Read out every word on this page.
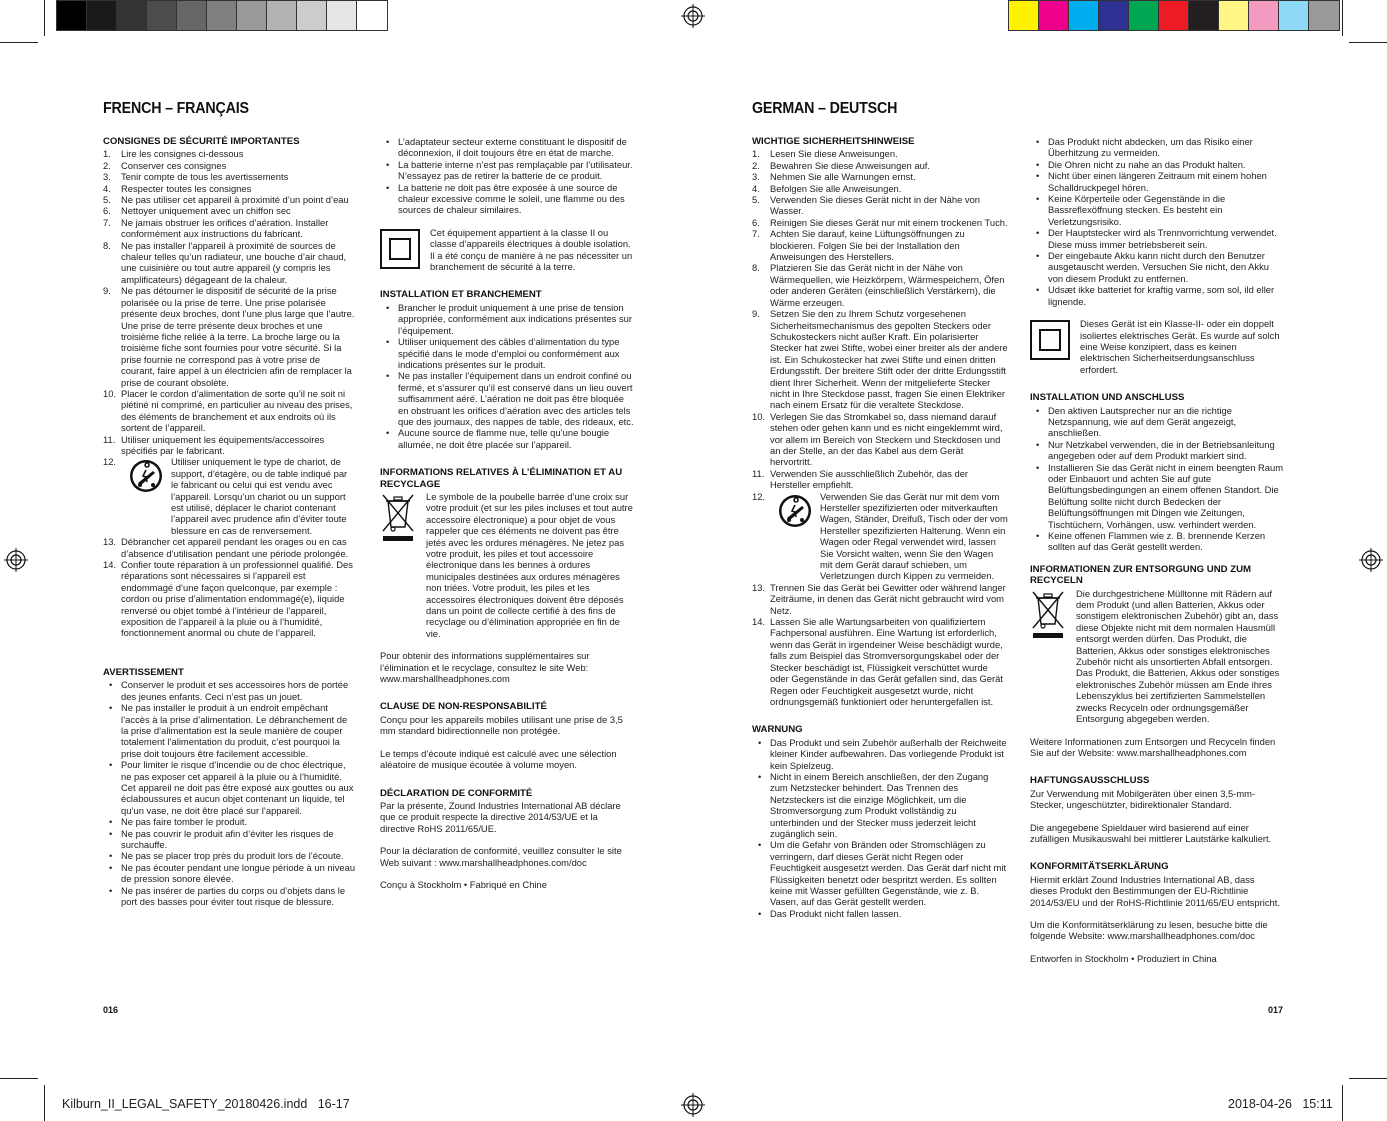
FRENCH – FRANÇAIS
CONSIGNES DE SÉCURITÉ IMPORTANTES
1. Lire les consignes ci-dessous
2. Conserver ces consignes
3. Tenir compte de tous les avertissements
4. Respecter toutes les consignes
5. Ne pas utiliser cet appareil à proximité d’un point d’eau
6. Nettoyer uniquement avec un chiffon sec
7. Ne jamais obstruer les orifices d’aération. Installer conformément aux instructions du fabricant.
8. Ne pas installer l’appareil à proximité de sources de chaleur telles qu’un radiateur, une bouche d’air chaud, une cuisinière ou tout autre appareil (y compris les amplificateurs) dégageant de la chaleur.
9. Ne pas détourner le dispositif de sécurité de la prise polarisée ou la prise de terre. Une prise polarisée présente deux broches, dont l’une plus large que l’autre. Une prise de terre présente deux broches et une troisième fiche reliée à la terre. La broche large ou la troisième fiche sont fournies pour votre sécurité. Si la prise fournie ne correspond pas à votre prise de courant, faire appel à un électricien afin de remplacer la prise de courant obsolète.
10. Placer le cordon d’alimentation de sorte qu’il ne soit ni piétiné ni comprimé, en particulier au niveau des prises, des éléments de branchement et aux endroits où ils sortent de l’appareil.
11. Utiliser uniquement les équipements/accessoires spécifiés par le fabricant.
12.	Utiliser uniquement le type de chariot, de support, d’étagère, ou de table indiqué par le fabricant ou celui qui est vendu avec l’appareil. Lorsqu’un chariot ou un support est utilisé, déplacer le chariot contenant l’appareil avec prudence afin d’éviter toute blessure en cas de renversement.
13. Débrancher cet appareil pendant les orages ou en cas d’absence d’utilisation pendant une période prolongée.
14. Confier toute réparation à un professionnel qualifié. Des réparations sont nécessaires si l’appareil est endommagé d’une façon quelconque, par exemple : cordon ou prise d’alimentation endommagé(e), liquide renversé ou objet tombé à l’intérieur de l’appareil, exposition de l’appareil à la pluie ou à l’humidité, fonctionnement anormal ou chute de l’appareil.
AVERTISSEMENT
• Conserver le produit et ses accessoires hors de portée des jeunes enfants. Ceci n’est pas un jouet.
• Ne pas installer le produit à un endroit empêchant l’accès à la prise d’alimentation. Le débranchement de la prise d’alimentation est la seule manière de couper totalement l’alimentation du produit, c’est pourquoi la prise doit toujours être facilement accessible.
• Pour limiter le risque d’incendie ou de choc électrique, ne pas exposer cet appareil à la pluie ou à l’humidité. Cet appareil ne doit pas être exposé aux gouttes ou aux éclaboussures et aucun objet contenant un liquide, tel qu’un vase, ne doit être placé sur l’appareil.
• Ne pas faire tomber le produit.
• Ne pas couvrir le produit afin d’éviter les risques de surchauffe.
• Ne pas se placer trop près du produit lors de l’écoute.
• Ne pas écouter pendant une longue période à un niveau de pression sonore élevée.
• Ne pas insérer de parties du corps ou d’objets dans le port des basses pour éviter tout risque de blessure.
• L’adaptateur secteur externe constituant le dispositif de déconnexion, il doit toujours être en état de marche.
• La batterie interne n’est pas remplaçable par l’utilisateur. N’essayez pas de retirer la batterie de ce produit.
• La batterie ne doit pas être exposée à une source de chaleur excessive comme le soleil, une flamme ou des sources de chaleur similaires.
Cet équipement appartient à la classe II ou classe d’appareils électriques à double isolation. Il a été conçu de manière à ne pas nécessiter un branchement de sécurité à la terre.
INSTALLATION ET BRANCHEMENT
• Brancher le produit uniquement à une prise de tension appropriée, conformément aux indications présentes sur l’équipement.
• Utiliser uniquement des câbles d’alimentation du type spécifié dans le mode d’emploi ou conformément aux indications présentes sur le produit.
• Ne pas installer l’équipement dans un endroit confiné ou fermé, et s’assurer qu’il est conservé dans un lieu ouvert suffisamment aéré. L’aération ne doit pas être bloquée en obstruant les orifices d’aération avec des articles tels que des journaux, des nappes de table, des rideaux, etc.
• Aucune source de flamme nue, telle qu’une bougie allumée, ne doit être placée sur l’appareil.
INFORMATIONS RELATIVES À L’ÉLIMINATION ET AU RECYCLAGE
Le symbole de la poubelle barrée d’une croix sur votre produit (et sur les piles incluses et tout autre accessoire électronique) a pour objet de vous rappeler que ces éléments ne doivent pas être jetés avec les ordures ménagères. Ne jetez pas votre produit, les piles et tout accessoire électronique dans les bennes à ordures municipales destinées aux ordures ménagères non triées. Votre produit, les piles et les accessoires électroniques doivent être déposés dans un point de collecte certifié à des fins de recyclage ou d’élimination appropriée en fin de vie.

Pour obtenir des informations supplémentaires sur l’élimination et le recyclage, consultez le site Web: www.marshallheadphones.com

CLAUSE DE NON-RESPONSABILITÉ

Conçu pour les appareils mobiles utilisant une prise de 3,5 mm standard bidirectionnelle non protégée.

Le temps d’écoute indiqué est calculé avec une sélection aléatoire de musique écoutée à volume moyen.

DÉCLARATION DE CONFORMITÉ

Par la présente, Zound Industries International AB déclare que ce produit respecte la directive 2014/53/UE et la directive RoHS 2011/65/UE.

Pour la déclaration de conformité, veuillez consulter le site Web suivant : www.marshallheadphones.com/doc

Conçu à Stockholm • Fabriqué en Chine

016
GERMAN – DEUTSCH
WICHTIGE SICHERHEITSHINWEISE
1. Lesen Sie diese Anweisungen.
2. Bewahren Sie diese Anweisungen auf.
3. Nehmen Sie alle Warnungen ernst.
4. Befolgen Sie alle Anweisungen.
5. Verwenden Sie dieses Gerät nicht in der Nähe von Wasser.
6. Reinigen Sie dieses Gerät nur mit einem trockenen Tuch.
7. Achten Sie darauf, keine Lüftungsöffnungen zu blockieren. Folgen Sie bei der Installation den Anweisungen des Herstellers.
8. Platzieren Sie das Gerät nicht in der Nähe von Wärmequellen, wie Heizkörpern, Wärmespeichern, Öfen oder anderen Geräten (einschließlich Verstärkern), die Wärme erzeugen.
9. Setzen Sie den zu Ihrem Schutz vorgesehenen Sicherheitsmechanismus des gepolten Steckers oder Schukosteckers nicht außer Kraft. Ein polarisierter Stecker hat zwei Stifte, wobei einer breiter als der andere ist. Ein Schukostecker hat zwei Stifte und einen dritten Erdungsstift. Der breitere Stift oder der dritte Erdungsstift dient Ihrer Sicherheit. Wenn der mitgelieferte Stecker nicht in Ihre Steckdose passt, fragen Sie einen Elektriker nach einem Ersatz für die veraltete Steckdose.
10. Verlegen Sie das Stromkabel so, dass niemand darauf stehen oder gehen kann und es nicht eingeklemmt wird, vor allem im Bereich von Steckern und Steckdosen und an der Stelle, an der das Kabel aus dem Gerät hervortritt.
11. Verwenden Sie ausschließlich Zubehör, das der Hersteller empfiehlt.
12.	Verwenden Sie das Gerät nur mit dem vom Hersteller spezifizierten oder mitverkauften Wagen, Ständer, Dreifuß, Tisch oder der vom Hersteller spezifizierten Halterung. Wenn ein Wagen oder Regal verwendet wird, lassen Sie Vorsicht walten, wenn Sie den Wagen mit dem Gerät darauf schieben, um Verletzungen durch Kippen zu vermeiden.
13. Trennen Sie das Gerät bei Gewitter oder während langer Zeiträume, in denen das Gerät nicht gebraucht wird vom Netz.
14. Lassen Sie alle Wartungsarbeiten von qualifiziertem Fachpersonal ausführen. Eine Wartung ist erforderlich, wenn das Gerät in irgendeiner Weise beschädigt wurde, falls zum Beispiel das Stromversorgungskabel oder der Stecker beschädigt ist, Flüssigkeit verschüttet wurde oder Gegenstände in das Gerät gefallen sind, das Gerät Regen oder Feuchtigkeit ausgesetzt wurde, nicht ordnungsgemäß funktioniert oder heruntergefallen ist.
WARNUNG
• Das Produkt und sein Zubehör außerhalb der Reichweite kleiner Kinder aufbewahren. Das vorliegende Produkt ist kein Spielzeug.
• Nicht in einem Bereich anschließen, der den Zugang zum Netzstecker behindert. Das Trennen des Netzsteckers ist die einzige Möglichkeit, um die Stromversorgung zum Produkt vollständig zu unterbinden und der Stecker muss jederzeit leicht zugänglich sein.
• Um die Gefahr von Bränden oder Stromschlägen zu verringern, darf dieses Gerät nicht Regen oder Feuchtigkeit ausgesetzt werden. Das Gerät darf nicht mit Flüssigkeiten benetzt oder bespritzt werden. Es sollten keine mit Wasser gefüllten Gegenstände, wie z. B. Vasen, auf das Gerät gestellt werden.
• Das Produkt nicht fallen lassen.
• Das Produkt nicht abdecken, um das Risiko einer Überhitzung zu vermeiden.
• Die Ohren nicht zu nahe an das Produkt halten.
• Nicht über einen längeren Zeitraum mit einem hohen Schalldruckpegel hören.
• Keine Körperteile oder Gegenstände in die Bassreflexöffnung stecken. Es besteht ein Verletzungsrisiko.
• Der Hauptstecker wird als Trennvorrichtung verwendet. Diese muss immer betriebsbereit sein.
• Der eingebaute Akku kann nicht durch den Benutzer ausgetauscht werden. Versuchen Sie nicht, den Akku von diesem Produkt zu entfernen.
• Udsæt ikke batteriet for kraftig varme, som sol, ild eller lignende.
Dieses Gerät ist ein Klasse-II- oder ein doppelt isoliertes elektrisches Gerät. Es wurde auf solch eine Weise konzipiert, dass es keinen elektrischen Sicherheitserdungsanschluss erfordert.
INSTALLATION UND ANSCHLUSS
• Den aktiven Lautsprecher nur an die richtige Netzspannung, wie auf dem Gerät angezeigt, anschließen.
• Nur Netzkabel verwenden, die in der Betriebsanleitung angegeben oder auf dem Produkt markiert sind.
• Installieren Sie das Gerät nicht in einem beengten Raum oder Einbauort und achten Sie auf gute Belüftungsbedingungen an einem offenen Standort. Die Belüftung sollte nicht durch Bedecken der Belüftungsöffnungen mit Dingen wie Zeitungen, Tischtüchern, Vorhängen, usw. verhindert werden.
• Keine offenen Flammen wie z. B. brennende Kerzen sollten auf das Gerät gestellt werden.
INFORMATIONEN ZUR ENTSORGUNG UND ZUM RECYCELN
Die durchgestrichene Mülltonne mit Rädern auf dem Produkt (und allen Batterien, Akkus oder sonstigem elektronischen Zubehör) gibt an, dass diese Objekte nicht mit dem normalen Hausmüll entsorgt werden dürfen. Das Produkt, die Batterien, Akkus oder sonstiges elektronisches Zubehör nicht als unsortierten Abfall entsorgen. Das Produkt, die Batterien, Akkus oder sonstiges elektronisches Zubehör müssen am Ende ihres Lebenszyklus bei zertifizierten Sammelstellen zwecks Recyceln oder ordnungsgemäßer Entsorgung abgegeben werden.

Weitere Informationen zum Entsorgen und Recyceln finden Sie auf der Website: www.marshallheadphones.com

HAFTUNGSAUSSCHLUSS

Zur Verwendung mit Mobilgeräten über einen 3,5-mm-Stecker, ungeschützter, bidirektionaler Standard.

Die angegebene Spieldauer wird basierend auf einer zufälligen Musikauswahl bei mittlerer Lautstärke kalkuliert.

KONFORMITÄTSERKLÄRUNG

Hiermit erklärt Zound Industries International AB, dass dieses Produkt den Bestimmungen der EU-Richtlinie 2014/53/EU und der RoHS-Richtlinie 2011/65/EU entspricht.

Um die Konformitätserklärung zu lesen, besuche bitte die folgende Website: www.marshallheadphones.com/doc

Entworfen in Stockholm • Produziert in China

017
Kilburn_II_LEGAL_SAFETY_20180426.indd   16-17	2018-04-26   15:11
